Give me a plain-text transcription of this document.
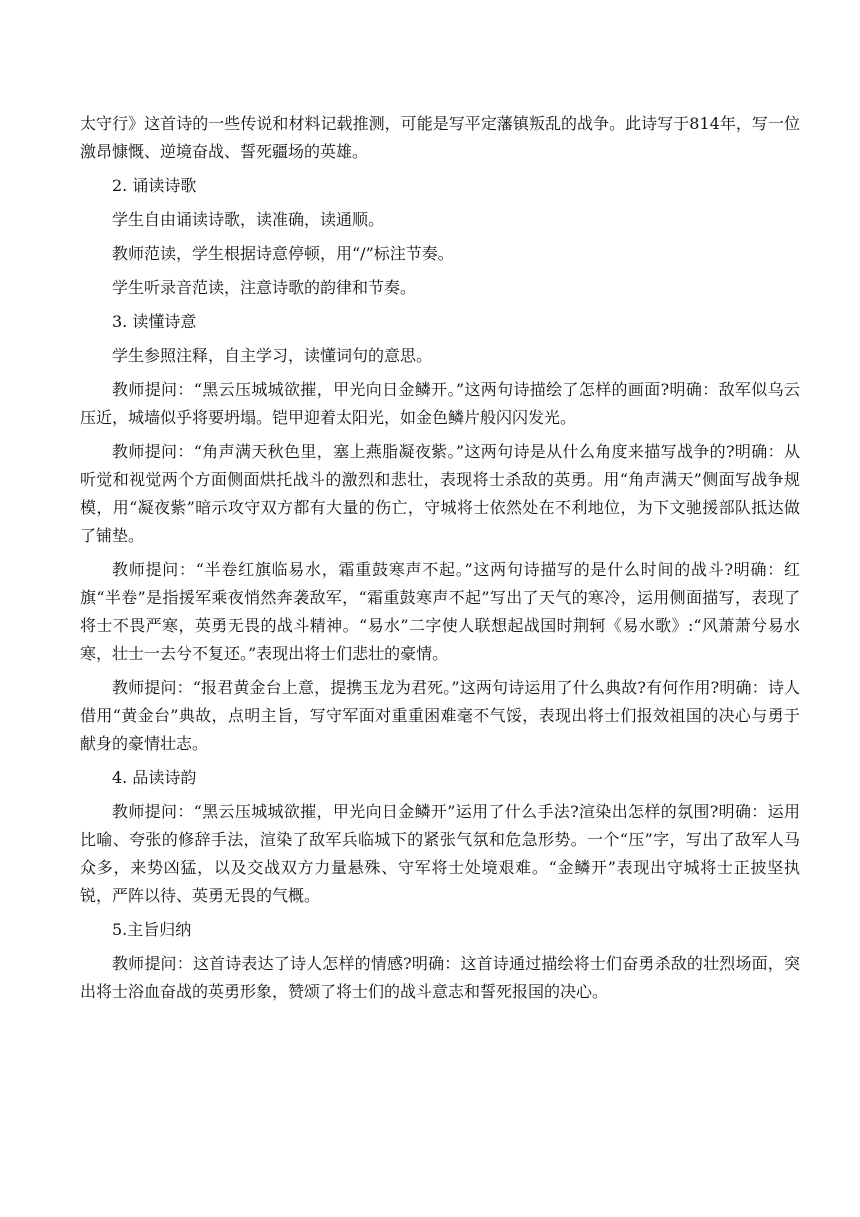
太守行》这首诗的一些传说和材料记载推测，可能是写平定藩镇叛乱的战争。此诗写于814年，写一位激昂慷慨、逆境奋战、誓死疆场的英雄。

2. 诵读诗歌

学生自由诵读诗歌，读准确，读通顺。

教师范读，学生根据诗意停顿，用“/”标注节奏。

学生听录音范读，注意诗歌的韵律和节奏。

3. 读懂诗意

学生参照注释，自主学习，读懂词句的意思。

教师提问：“黑云压城城欲摧，甲光向日金鳞开。”这两句诗描绘了怎样的画面?明确：敌军似乌云压近，城墙似乎将要坍塌。铠甲迎着太阳光，如金色鳞片般闪闪发光。

教师提问：“角声满天秋色里，塞上燕脂凝夜紫。”这两句诗是从什么角度来描写战争的?明确：从听觉和视觉两个方面侧面烘托战斗的激烈和悲壮，表现将士杀敌的英勇。用“角声满天”侧面写战争规模，用“凝夜紫”暗示攻守双方都有大量的伤亡，守城将士依然处在不利地位，为下文驰援部队抵达做了铺垫。

教师提问：“半卷红旗临易水，霜重鼓寒声不起。”这两句诗描写的是什么时间的战斗?明确：红旗“半卷”是指援军乘夜悄然奔袭敌军，“霜重鼓寒声不起”写出了天气的寒冷，运用侧面描写，表现了将士不畏严寒，英勇无畏的战斗精神。“易水”二字使人联想起战国时荆轲《易水歌》:“风萧萧兮易水寒，壮士一去兮不复还。”表现出将士们悲壮的豪情。

教师提问：“报君黄金台上意，提携玉龙为君死。”这两句诗运用了什么典故?有何作用?明确：诗人借用“黄金台”典故，点明主旨，写守军面对重重困难毫不气馁，表现出将士们报效祖国的决心与勇于献身的豪情壮志。

4. 品读诗韵

教师提问：“黑云压城城欲摧，甲光向日金鳞开”运用了什么手法?渲染出怎样的氛围?明确：运用比喻、夸张的修辞手法，渲染了敌军兵临城下的紧张气氛和危急形势。一个“压”字，写出了敌军人马众多，来势凶猛，以及交战双方力量悬殊、守军将士处境艰难。“金鳞开”表现出守城将士正披坚执锐，严阵以待、英勇无畏的气概。

5.主旨归纳

教师提问：这首诗表达了诗人怎样的情感?明确：这首诗通过描绘将士们奋勇杀敌的壮烈场面，突出将士浴血奋战的英勇形象，赞颂了将士们的战斗意志和誓死报国的决心。
